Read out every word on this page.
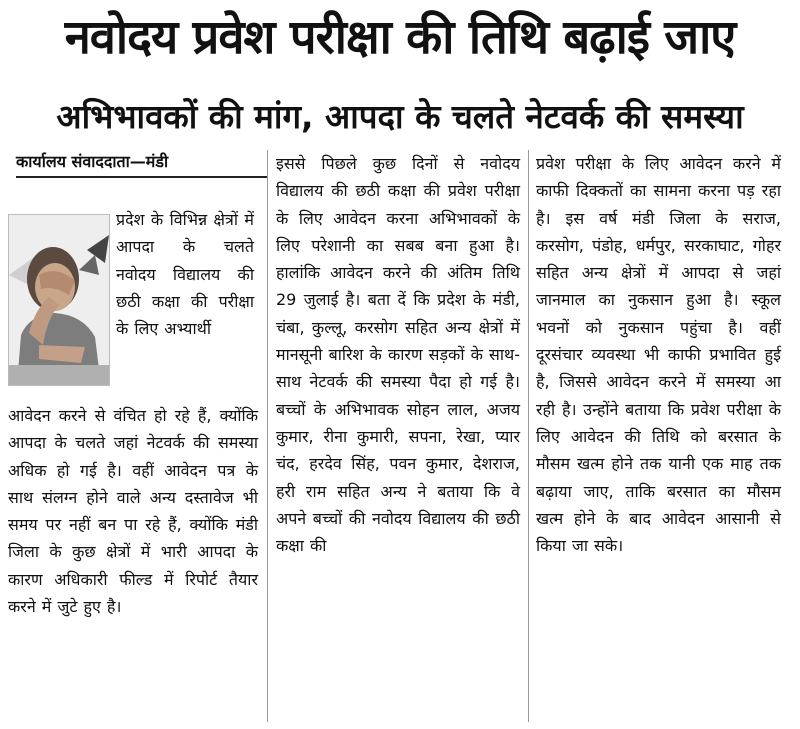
नवोदय प्रवेश परीक्षा की तिथि बढ़ाई जाए
अभिभावकों की मांग, आपदा के चलते नेटवर्क की समस्या
कार्यालय संवाददाता—मंडी

प्रदेश के विभिन्न क्षेत्रों में आपदा के चलते नवोदय विद्यालय की छठी कक्षा की परीक्षा के लिए अभ्यार्थी

आवेदन करने से वंचित हो रहे हैं, क्योंकि आपदा के चलते जहां नेटवर्क की समस्या अधिक हो गई है। वहीं आवेदन पत्र के साथ संलग्न होने वाले अन्य दस्तावेज भी समय पर नहीं बन पा रहे हैं, क्योंकि मंडी जिला के कुछ क्षेत्रों में भारी आपदा के कारण अधिकारी फील्ड में रिपोर्ट तैयार करने में जुटे हुए है।

इससे पिछले कुछ दिनों से नवोदय विद्यालय की छठी कक्षा की प्रवेश परीक्षा के लिए आवेदन करना अभिभावकों के लिए परेशानी का सबब बना हुआ है। हालांकि आवेदन करने की अंतिम तिथि 29 जुलाई है। बता दें कि प्रदेश के मंडी, चंबा, कुल्लू, करसोग सहित अन्य क्षेत्रों में मानसूनी बारिश के कारण सड़कों के साथ-साथ नेटवर्क की समस्या पैदा हो गई है। बच्चों के अभिभावक सोहन लाल, अजय कुमार, रीना कुमारी, सपना, रेखा, प्यार चंद, हरदेव सिंह, पवन कुमार, देशराज, हरी राम सहित अन्य ने बताया कि वे अपने बच्चों की नवोदय विद्यालय की छठी कक्षा की

प्रवेश परीक्षा के लिए आवेदन करने में काफी दिक्कतों का सामना करना पड़ रहा है। इस वर्ष मंडी जिला के सराज, करसोग, पंडोह, धर्मपुर, सरकाघाट, गोहर सहित अन्य क्षेत्रों में आपदा से जहां जानमाल का नुकसान हुआ है। स्कूल भवनों को नुकसान पहुंचा है। वहीं दूरसंचार व्यवस्था भी काफी प्रभावित हुई है, जिससे आवेदन करने में समस्या आ रही है। उन्होंने बताया कि प्रवेश परीक्षा के लिए आवेदन की तिथि को बरसात के मौसम खत्म होने तक यानी एक माह तक बढ़ाया जाए, ताकि बरसात का मौसम खत्म होने के बाद आवेदन आसानी से किया जा सके।
